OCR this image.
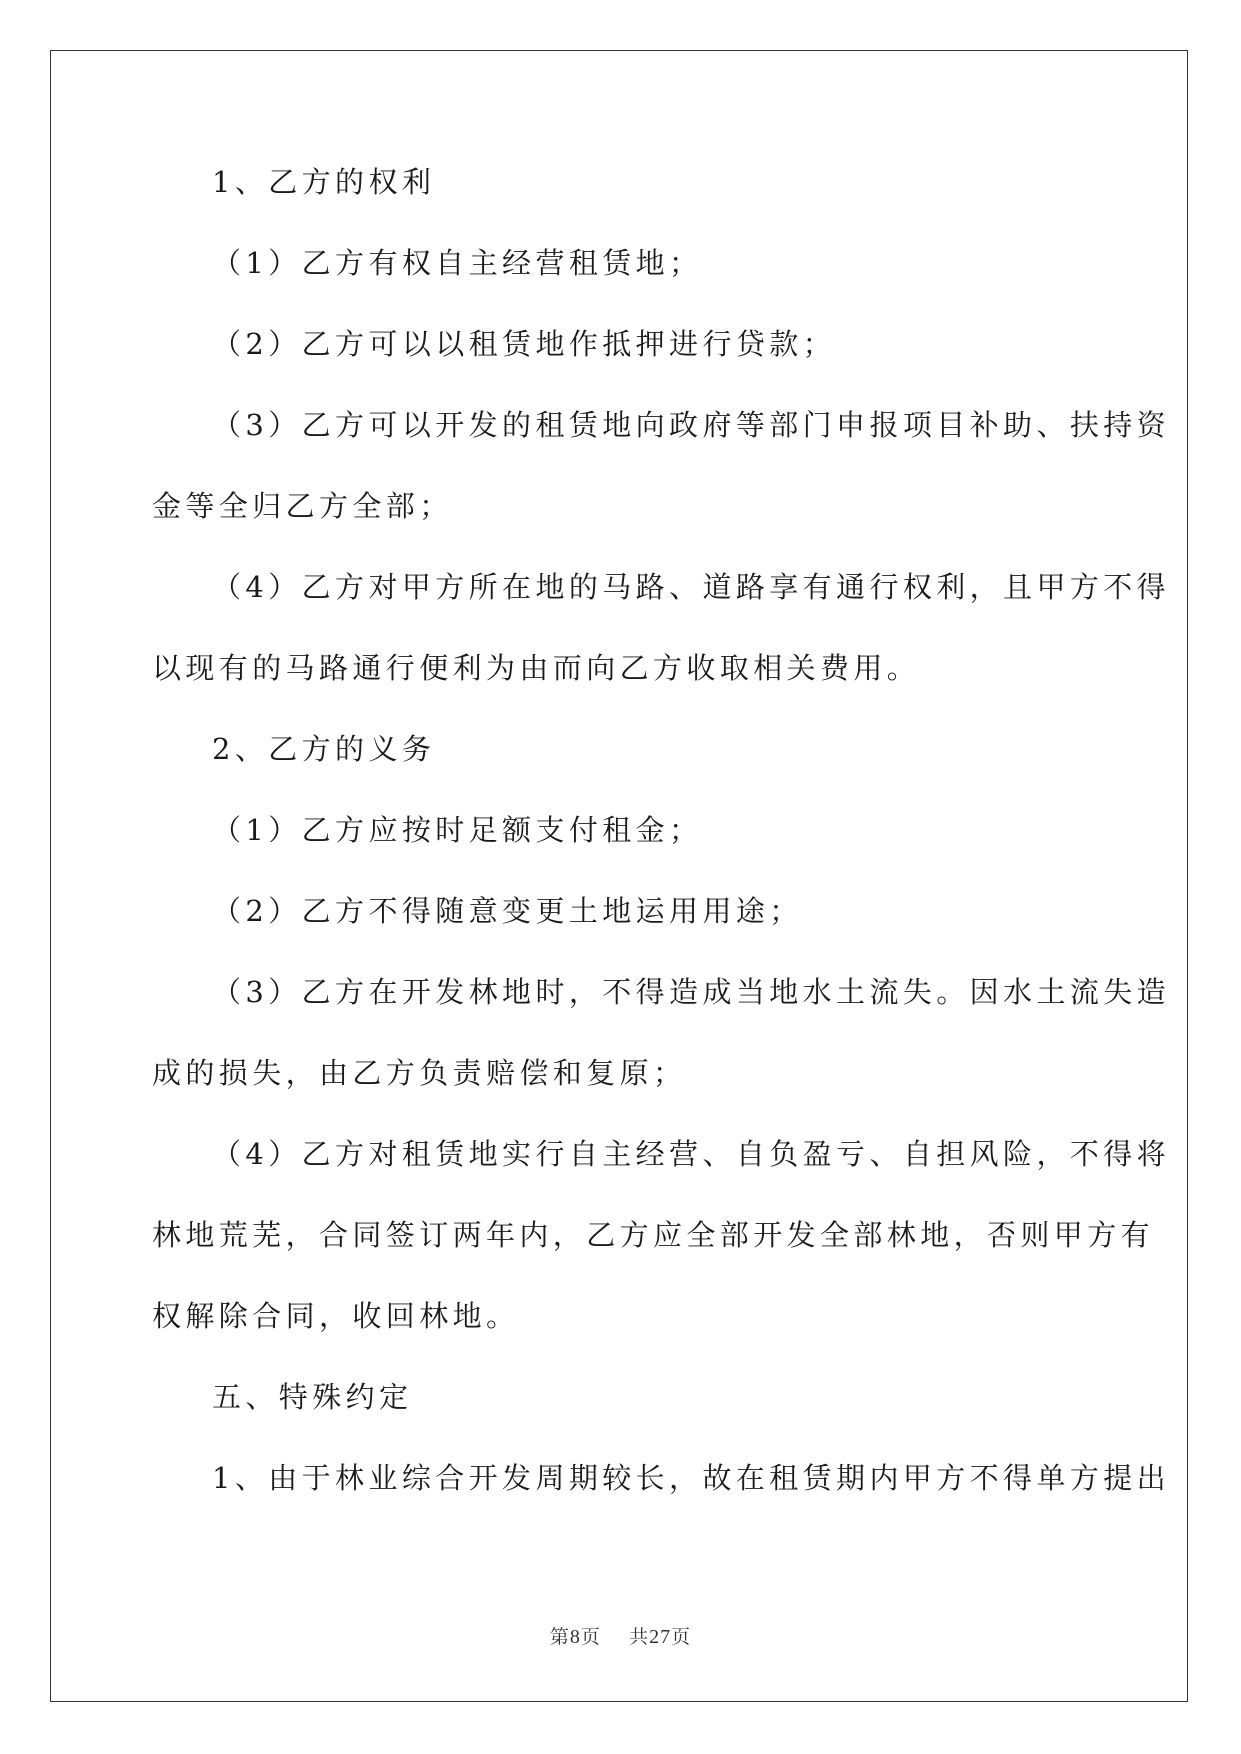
1、乙方的权利

（1）乙方有权自主经营租赁地；

（2）乙方可以以租赁地作抵押进行贷款；

（3）乙方可以开发的租赁地向政府等部门申报项目补助、扶持资

金等全归乙方全部；

（4）乙方对甲方所在地的马路、道路享有通行权利，且甲方不得

以现有的马路通行便利为由而向乙方收取相关费用。

2、乙方的义务

（1）乙方应按时足额支付租金；

（2）乙方不得随意变更土地运用用途；

（3）乙方在开发林地时，不得造成当地水土流失。因水土流失造

成的损失，由乙方负责赔偿和复原；

（4）乙方对租赁地实行自主经营、自负盈亏、自担风险，不得将

林地荒芜，合同签订两年内，乙方应全部开发全部林地，否则甲方有

权解除合同，收回林地。

五、特殊约定

1、由于林业综合开发周期较长，故在租赁期内甲方不得单方提出

第8页 共27页
